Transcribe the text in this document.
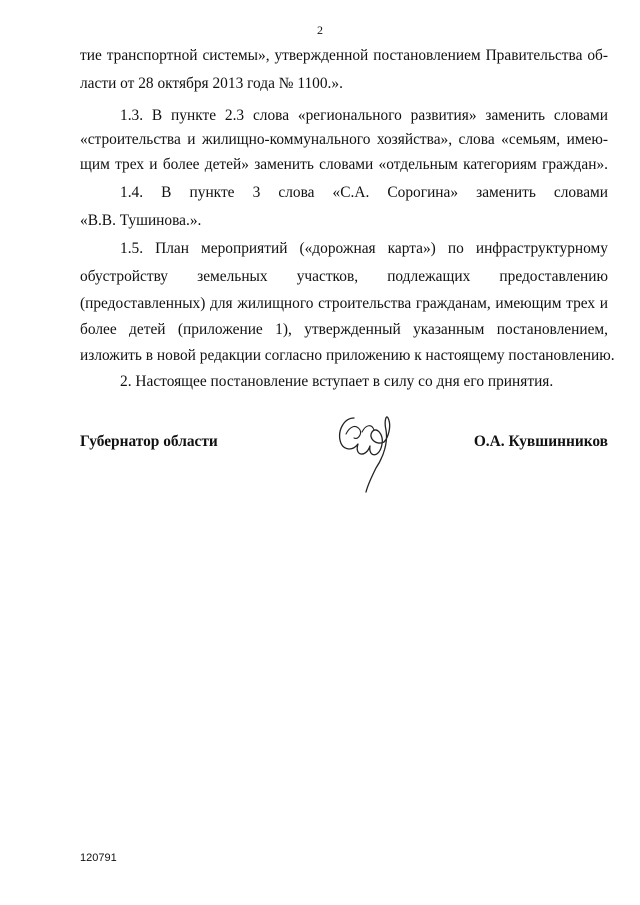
2
тие транспортной системы», утвержденной постановлением Правительства об-
ласти от 28 октября 2013 года № 1100.».
1.3. В пункте 2.3 слова «регионального развития» заменить словами
«строительства и жилищно-коммунального хозяйства», слова «семьям, имею-
щим трех и более детей» заменить словами «отдельным категориям граждан».
1.4. В пункте 3 слова «С.А. Сорогина» заменить словами
«В.В. Тушинова.».
1.5. План мероприятий («дорожная карта») по инфраструктурному
обустройству земельных участков, подлежащих предоставлению
(предоставленных) для жилищного строительства гражданам, имеющим трех и
более детей (приложение 1), утвержденный указанным постановлением,
изложить в новой редакции согласно приложению к настоящему постановлению.
2. Настоящее постановление вступает в силу со дня его принятия.
Губернатор области	О.А. Кувшинников
120791
